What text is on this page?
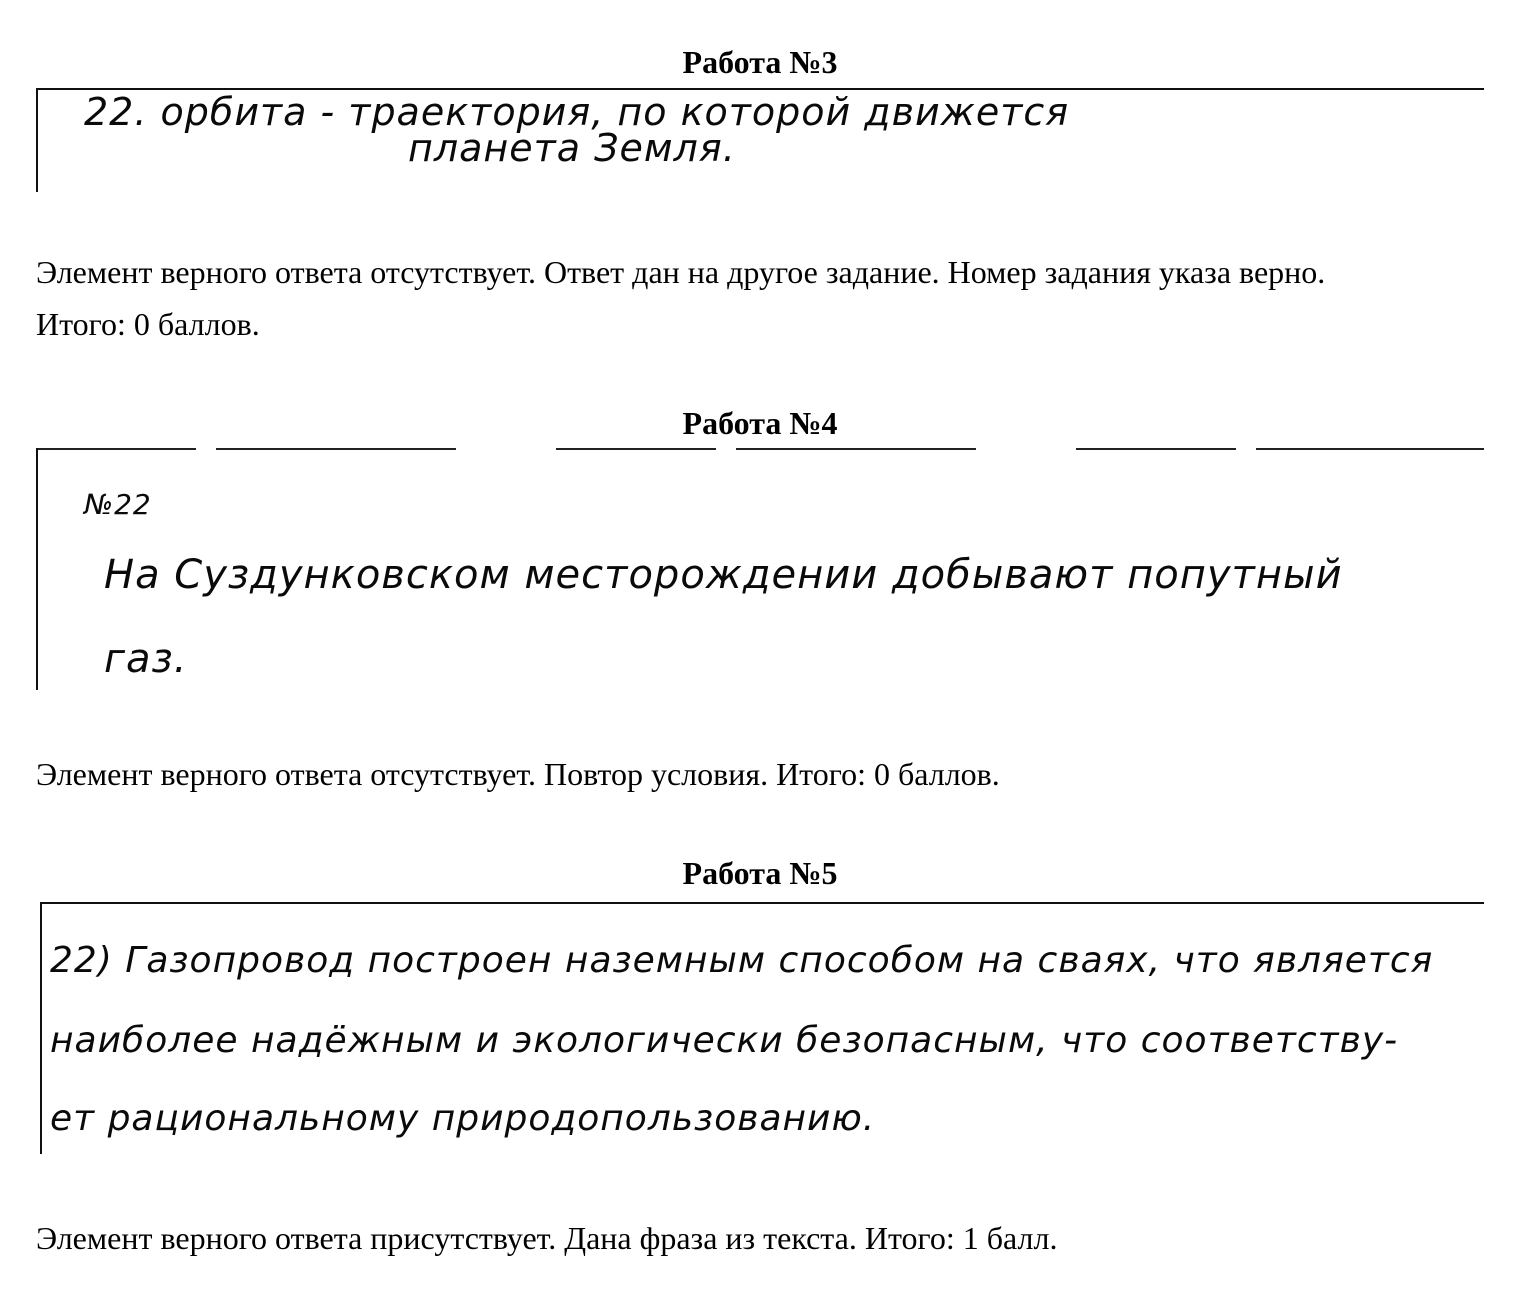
Работа №3
22. орбита - траектория, по которой движется
планета Земля.
Элемент верного ответа отсутствует. Ответ дан на другое задание. Номер задания указа верно.
Итого: 0 баллов.
Работа №4
№22
На Суздунковском месторождении добывают попутный
газ.
Элемент верного ответа отсутствует. Повтор условия. Итого: 0 баллов.
Работа №5
22) Газопровод построен наземным способом на сваях, что является
наиболее надёжным и экологически безопасным, что соответству-
ет рациональному природопользованию.
Элемент верного ответа присутствует. Дана фраза из текста. Итого: 1 балл.
